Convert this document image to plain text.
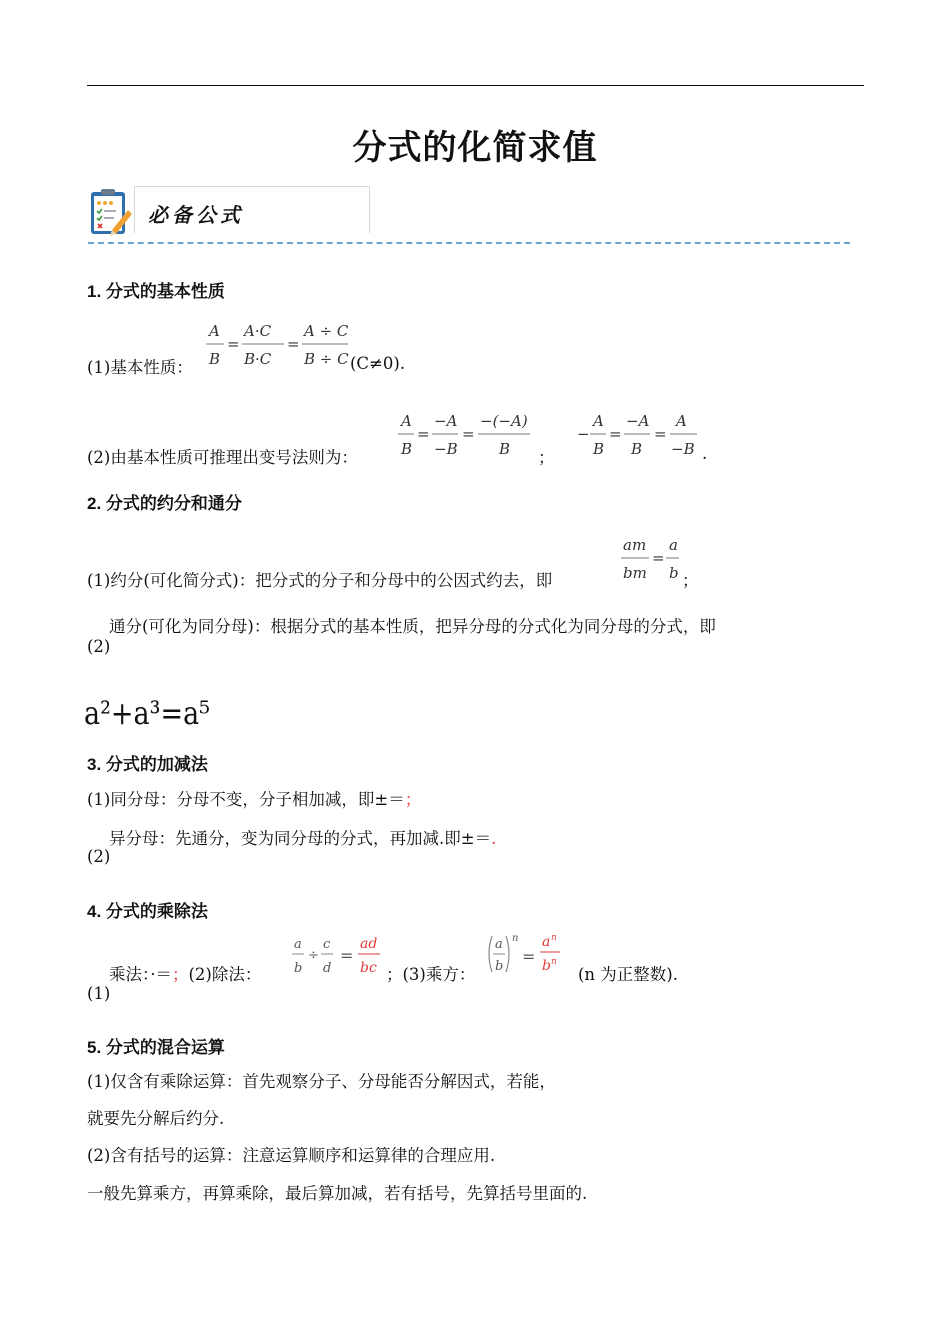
分式的化简求值
必备公式
1. 分式的基本性质
(1)基本性质：
A
B
=
A·C
B·C
=
A ÷ C
B ÷ C (C≠0).
(2)由基本性质可推理出变号法则为：
A
B
=
−A
−B
=
−(−A)
B ；
−
A
B
=
−A
B
=
A
−B .
2. 分式的约分和通分
(1)约分(可化简分式)：把分式的分子和分母中的公因式约去，即
am
bm
=
a
b ；
通分(可化为同分母)：根据分式的基本性质，把异分母的分式化为同分母的分式，即
(2)
a²+a³=a⁵
3. 分式的加减法
(1)同分母：分母不变，分子相加减，即±＝；
异分母：先通分，变为同分母的分式，再加减.即±＝.
(2)
4. 分式的乘除法
乘法：·＝；(2)除法：
a
b
÷
c
d
=
ad
bc ；(3)乘方：
a
b
n
=
a n
b n
(n 为正整数).
(1)
5. 分式的混合运算
(1)仅含有乘除运算：首先观察分子、分母能否分解因式，若能，
就要先分解后约分.
(2)含有括号的运算：注意运算顺序和运算律的合理应用.
一般先算乘方，再算乘除，最后算加减，若有括号，先算括号里面的.
